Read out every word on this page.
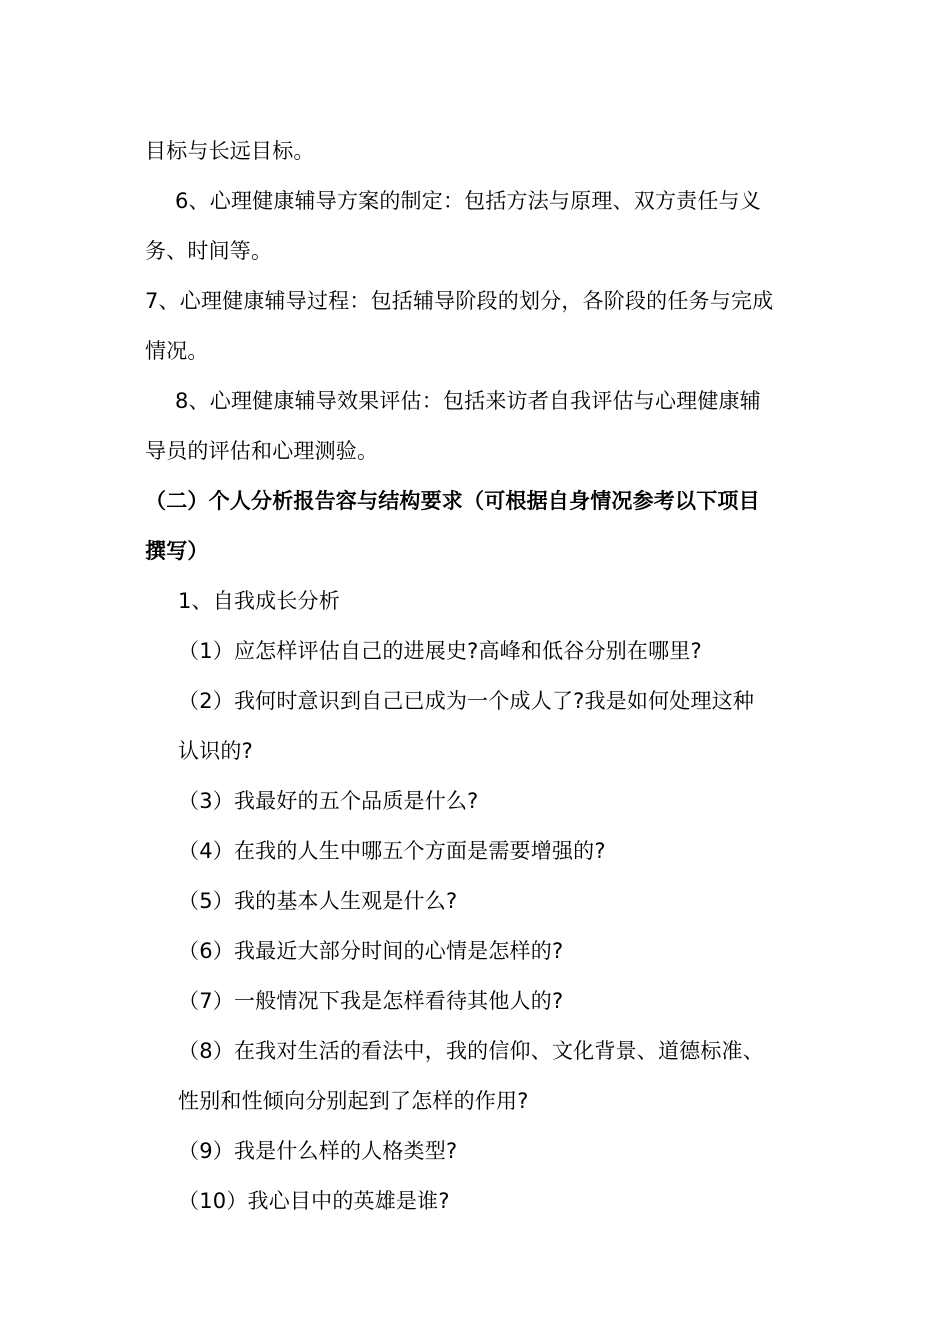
目标与长远目标。
6、心理健康辅导方案的制定：包括方法与原理、双方责任与义
务、时间等。
7、心理健康辅导过程：包括辅导阶段的划分，各阶段的任务与完成
情况。
8、心理健康辅导效果评估：包括来访者自我评估与心理健康辅
导员的评估和心理测验。
（二）个人分析报告容与结构要求（可根据自身情况参考以下项目
撰写）
1、自我成长分析
（1）应怎样评估自己的进展史?高峰和低谷分别在哪里?
（2）我何时意识到自己已成为一个成人了?我是如何处理这种
认识的?
（3）我最好的五个品质是什么?
（4）在我的人生中哪五个方面是需要增强的?
（5）我的基本人生观是什么?
（6）我最近大部分时间的心情是怎样的?
（7）一般情况下我是怎样看待其他人的?
（8）在我对生活的看法中，我的信仰、文化背景、道德标准、
性别和性倾向分别起到了怎样的作用?
（9）我是什么样的人格类型?
（10）我心目中的英雄是谁?
